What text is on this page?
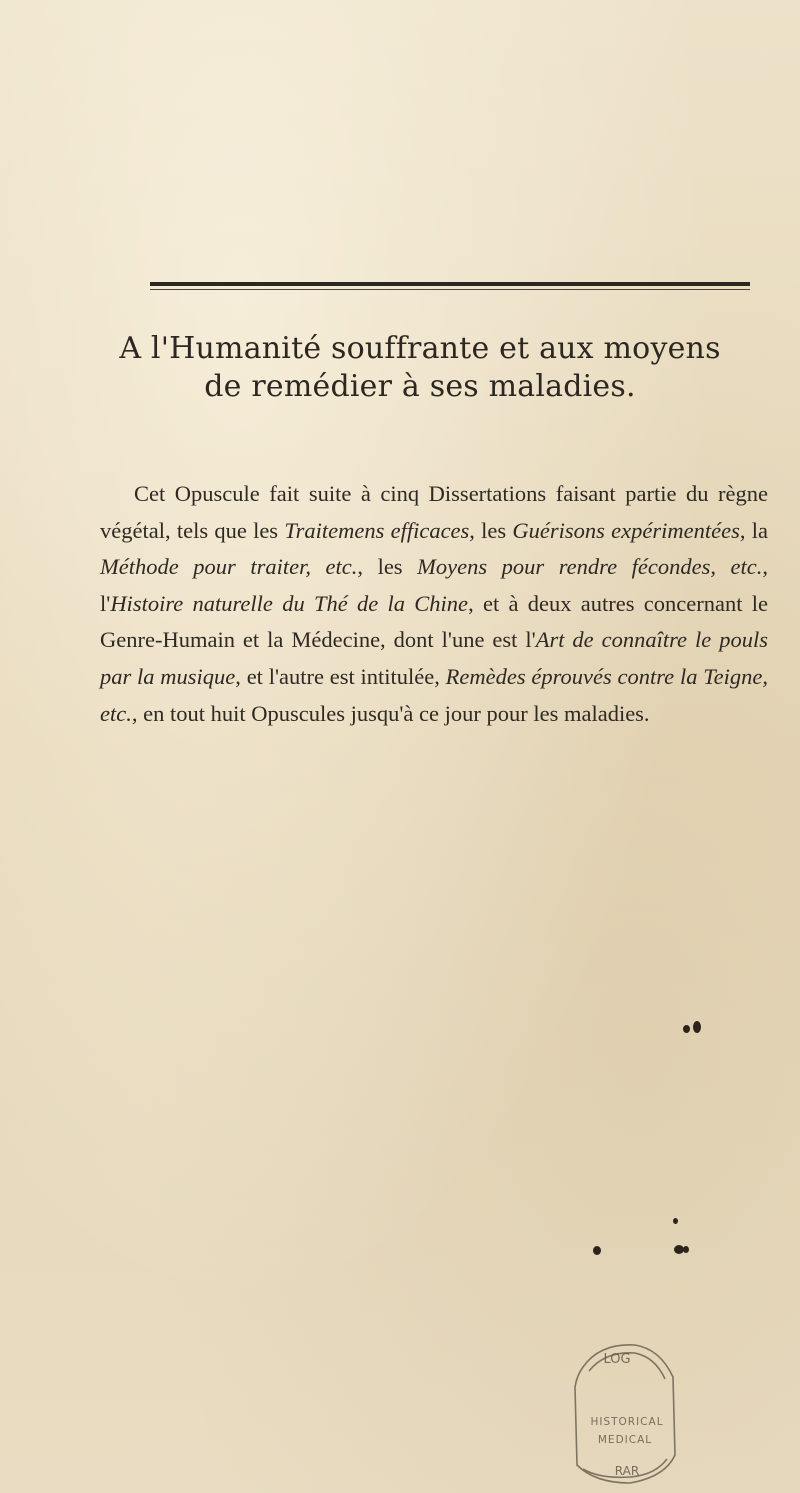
A l'Humanité souffrante et aux moyens
de remédier à ses maladies.
Cet Opuscule fait suite à cinq Dissertations faisant partie du règne végétal, tels que les Traitemens efficaces, les Guérisons expérimentées, la Méthode pour traiter, etc., les Moyens pour rendre fécondes, etc., l'Histoire naturelle du Thé de la Chine, et à deux autres concernant le Genre-Humain et la Médecine, dont l'une est l'Art de connaître le pouls par la musique, et l'autre est intitulée, Remèdes éprouvés contre la Teigne, etc., en tout huit Opuscules jusqu'à ce jour pour les maladies.
LOG
HISTORICAL
MEDICAL
RAR
